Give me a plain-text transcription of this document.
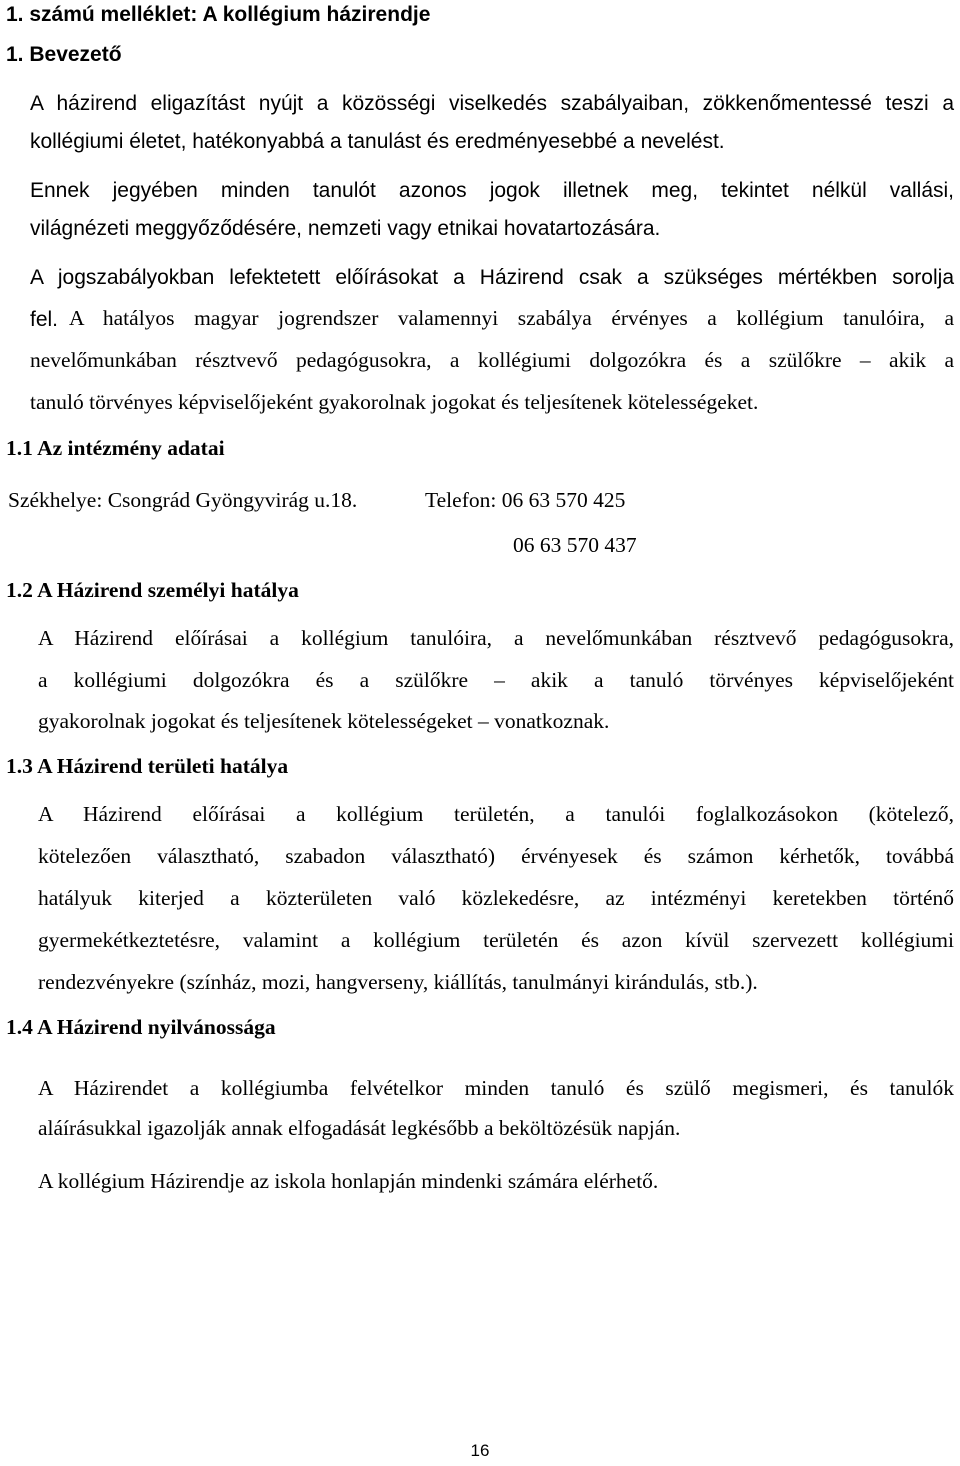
1. számú melléklet: A kollégium házirendje
1. Bevezető
A házirend eligazítást nyújt a közösségi viselkedés szabályaiban, zökkenőmentessé teszi a
kollégiumi életet, hatékonyabbá a tanulást és eredményesebbé a nevelést.
Ennek jegyében minden tanulót azonos jogok illetnek meg, tekintet nélkül vallási,
világnézeti meggyőződésére, nemzeti vagy etnikai hovatartozására.
A jogszabályokban lefektetett előírásokat a Házirend csak a szükséges mértékben sorolja
fel. A hatályos magyar jogrendszer valamennyi szabálya érvényes a kollégium tanulóira, a
nevelőmunkában résztvevő pedagógusokra, a kollégiumi dolgozókra és a szülőkre – akik a
tanuló törvényes képviselőjeként gyakorolnak jogokat és teljesítenek kötelességeket.
1.1 Az intézmény adatai
Székhelye: Csongrád Gyöngyvirág u.18.	Telefon: 06 63 570 425
06 63 570 437
1.2 A Házirend személyi hatálya
A Házirend előírásai a kollégium tanulóira, a nevelőmunkában résztvevő pedagógusokra,
a kollégiumi dolgozókra és a szülőkre – akik a tanuló törvényes képviselőjeként
gyakorolnak jogokat és teljesítenek kötelességeket – vonatkoznak.
1.3 A Házirend területi hatálya
A Házirend előírásai a kollégium területén, a tanulói foglalkozásokon (kötelező,
kötelezően választható, szabadon választható) érvényesek és számon kérhetők, továbbá
hatályuk kiterjed a közterületen való közlekedésre, az intézményi keretekben történő
gyermekétkeztetésre, valamint a kollégium területén és azon kívül szervezett kollégiumi
rendezvényekre (színház, mozi, hangverseny, kiállítás, tanulmányi kirándulás, stb.).
1.4 A Házirend nyilvánossága
A Házirendet a kollégiumba felvételkor minden tanuló és szülő megismeri, és tanulók
aláírásukkal igazolják annak elfogadását legkésőbb a beköltözésük napján.
A kollégium Házirendje az iskola honlapján mindenki számára elérhető.
16
